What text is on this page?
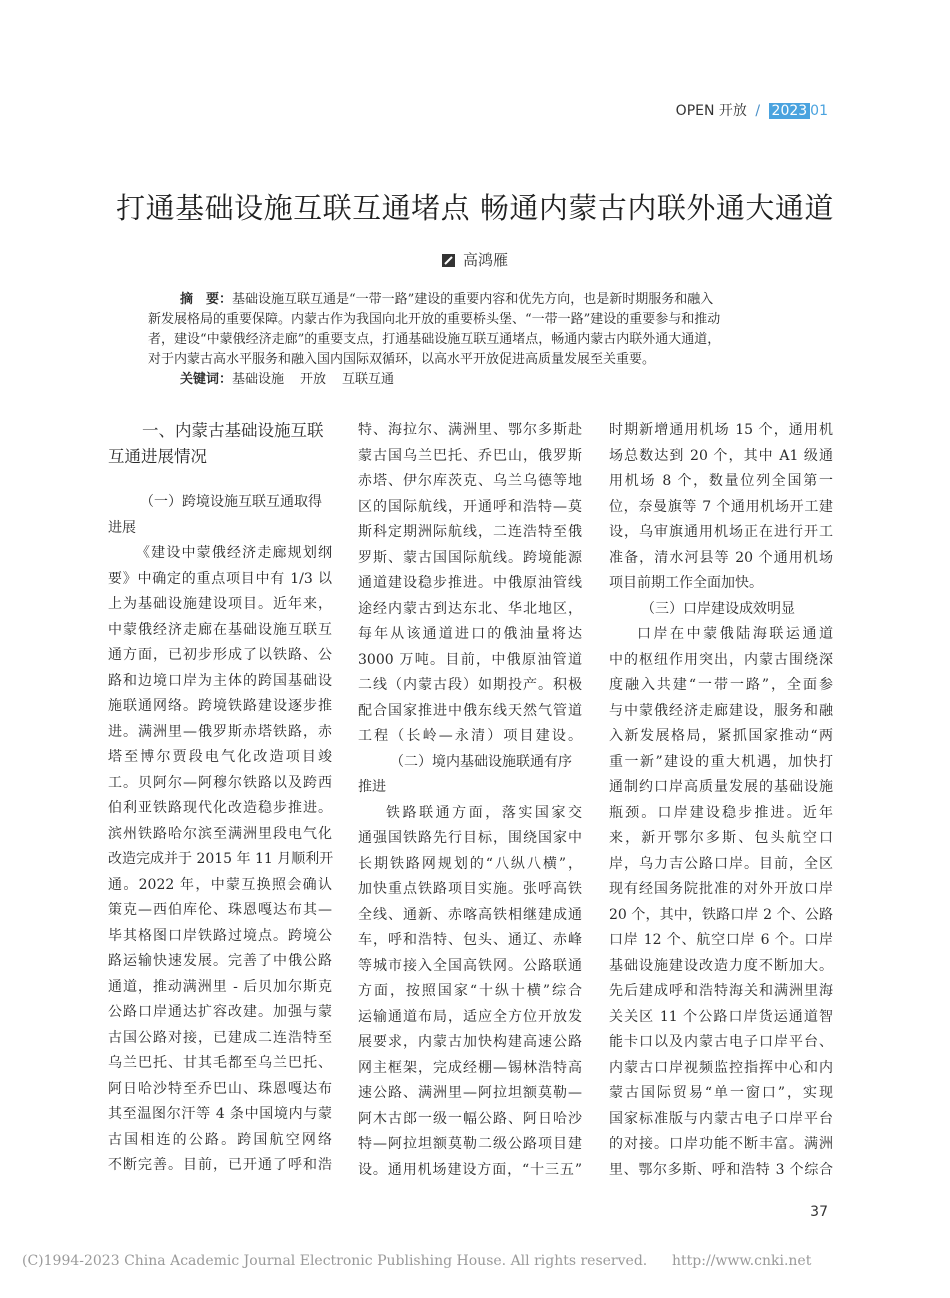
OPEN 开放 / 2023 01
打通基础设施互联互通堵点 畅通内蒙古内联外通大通道
高鸿雁
摘　要：基础设施互联互通是“一带一路”建设的重要内容和优先方向，也是新时期服务和融入
新发展格局的重要保障。内蒙古作为我国向北开放的重要桥头堡、“一带一路”建设的重要参与和推动
者，建设“中蒙俄经济走廊”的重要支点，打通基础设施互联互通堵点，畅通内蒙古内联外通大通道，
对于内蒙古高水平服务和融入国内国际双循环，以高水平开放促进高质量发展至关重要。
关键词：基础设施 开放 互联互通
一、内蒙古基础设施互联
互通进展情况
（一）跨境设施互联互通取得
进展
《建设中蒙俄经济走廊规划纲
要》中确定的重点项目中有 1/3 以
上为基础设施建设项目。近年来，
中蒙俄经济走廊在基础设施互联互
通方面，已初步形成了以铁路、公
路和边境口岸为主体的跨国基础设
施联通网络。跨境铁路建设逐步推
进。满洲里—俄罗斯赤塔铁路，赤
塔至博尔贾段电气化改造项目竣
工。贝阿尔—阿穆尔铁路以及跨西
伯利亚铁路现代化改造稳步推进。
滨州铁路哈尔滨至满洲里段电气化
改造完成并于 2015 年 11 月顺利开
通。2022 年，中蒙互换照会确认
策克—西伯库伦、珠恩嘎达布其—
毕其格图口岸铁路过境点。跨境公
路运输快速发展。完善了中俄公路
通道，推动满洲里 - 后贝加尔斯克
公路口岸通达扩容改建。加强与蒙
古国公路对接，已建成二连浩特至
乌兰巴托、甘其毛都至乌兰巴托、
阿日哈沙特至乔巴山、珠恩嘎达布
其至温图尔汗等 4 条中国境内与蒙
古国相连的公路。跨国航空网络
不断完善。目前，已开通了呼和浩
特、海拉尔、满洲里、鄂尔多斯赴
蒙古国乌兰巴托、乔巴山，俄罗斯
赤塔、伊尔库茨克、乌兰乌德等地
区的国际航线，开通呼和浩特—莫
斯科定期洲际航线，二连浩特至俄
罗斯、蒙古国国际航线。跨境能源
通道建设稳步推进。中俄原油管线
途经内蒙古到达东北、华北地区，
每年从该通道进口的俄油量将达
3000 万吨。目前，中俄原油管道
二线（内蒙古段）如期投产。积极
配合国家推进中俄东线天然气管道
工程（长岭—永清）项目建设。
（二）境内基础设施联通有序
推进
铁路联通方面，落实国家交
通强国铁路先行目标，围绕国家中
长期铁路网规划的“八纵八横”，
加快重点铁路项目实施。张呼高铁
全线、通新、赤喀高铁相继建成通
车，呼和浩特、包头、通辽、赤峰
等城市接入全国高铁网。公路联通
方面，按照国家“十纵十横”综合
运输通道布局，适应全方位开放发
展要求，内蒙古加快构建高速公路
网主框架，完成经棚—锡林浩特高
速公路、满洲里—阿拉坦额莫勒—
阿木古郎一级一幅公路、阿日哈沙
特—阿拉坦额莫勒二级公路项目建
设。通用机场建设方面，“十三五”
时期新增通用机场 15 个，通用机
场总数达到 20 个，其中 A1 级通
用机场 8 个，数量位列全国第一
位，奈曼旗等 7 个通用机场开工建
设，乌审旗通用机场正在进行开工
准备，清水河县等 20 个通用机场
项目前期工作全面加快。
（三）口岸建设成效明显
口岸在中蒙俄陆海联运通道
中的枢纽作用突出，内蒙古围绕深
度融入共建“一带一路”，全面参
与中蒙俄经济走廊建设，服务和融
入新发展格局，紧抓国家推动“两
重一新”建设的重大机遇，加快打
通制约口岸高质量发展的基础设施
瓶颈。口岸建设稳步推进。近年
来，新开鄂尔多斯、包头航空口
岸，乌力吉公路口岸。目前，全区
现有经国务院批准的对外开放口岸
20 个，其中，铁路口岸 2 个、公路
口岸 12 个、航空口岸 6 个。口岸
基础设施建设改造力度不断加大。
先后建成呼和浩特海关和满洲里海
关关区 11 个公路口岸货运通道智
能卡口以及内蒙古电子口岸平台、
内蒙古口岸视频监控指挥中心和内
蒙古国际贸易“单一窗口”，实现
国家标准版与内蒙古电子口岸平台
的对接。口岸功能不断丰富。满洲
里、鄂尔多斯、呼和浩特 3 个综合
37
(C)1994-2023 China Academic Journal Electronic Publishing House. All rights reserved. http://www.cnki.net
